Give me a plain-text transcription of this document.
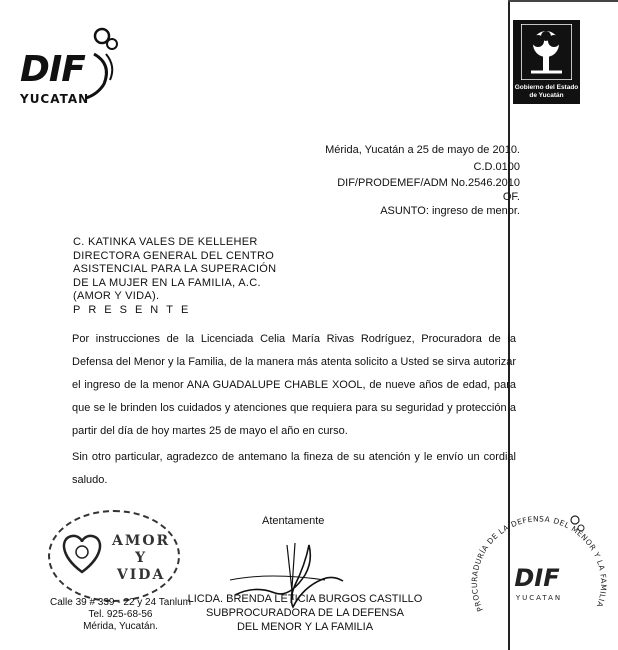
DIF
YUCATAN
Gobierno del Estado
de Yucatán
Mérida, Yucatán a 25 de mayo de 2010.
C.D.0100
DIF/PRODEMEF/ADM No.2546.2010
OF.
ASUNTO: ingreso de menor.
C. KATINKA VALES DE KELLEHER
DIRECTORA GENERAL DEL CENTRO
ASISTENCIAL PARA LA SUPERACIÓN
DE LA MUJER EN LA FAMILIA, A.C.
(AMOR Y VIDA).
PRESENTE
Por instrucciones de la Licenciada Celia María Rivas Rodríguez, Procuradora de la Defensa del Menor y la Familia, de la manera más atenta solicito a Usted se sirva autorizar el ingreso de la menor ANA GUADALUPE CHABLE XOOL, de nueve años de edad, para que se le brinden los cuidados y atenciones que requiera para su seguridad y protección a partir del día de hoy martes 25 de mayo el año en curso.
Sin otro particular, agradezco de antemano la fineza de su atención y le envío un cordial saludo.
Atentamente
LICDA. BRENDA LETICIA BURGOS CASTILLO
SUBPROCURADORA DE LA DEFENSA
DEL MENOR Y LA FAMILIA
AMOR
Y
VIDA
Calle 39 # 339 - 22 y 24 Tanlum
Tel. 925-68-56
Mérida, Yucatán.
PROCURADURÍA DE LA DEFENSA DEL MENOR Y LA FAMILIA
DIF
YUCATAN
